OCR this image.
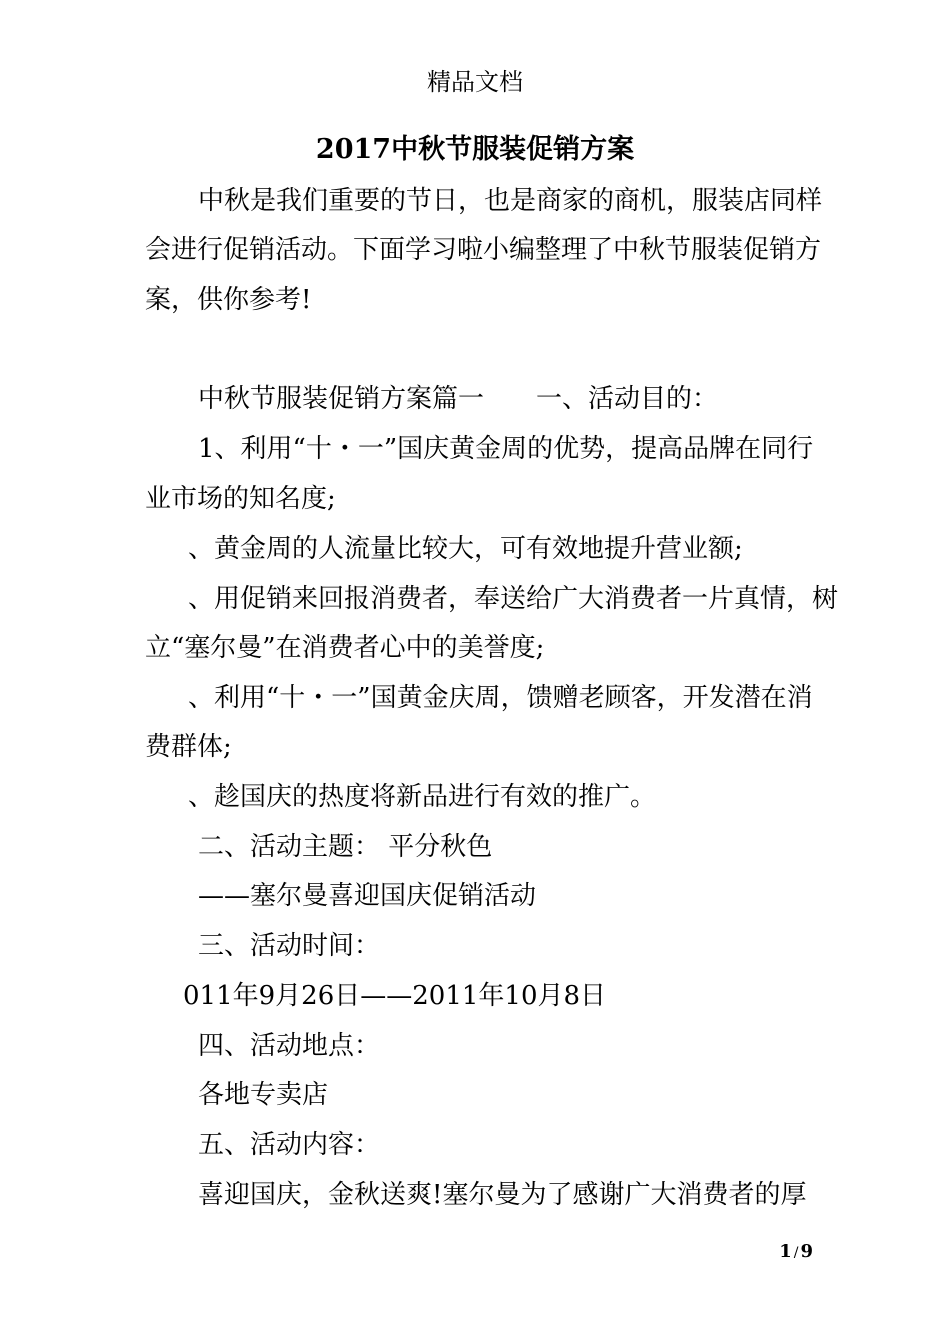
精品文档
2017中秋节服装促销方案
中秋是我们重要的节日，也是商家的商机，服装店同样
会进行促销活动。下面学习啦小编整理了中秋节服装促销方
案，供你参考!
中秋节服装促销方案篇一 一、活动目的：
1、利用“十・一”国庆黄金周的优势，提高品牌在同行
业市场的知名度;
、黄金周的人流量比较大，可有效地提升营业额;
、用促销来回报消费者，奉送给广大消费者一片真情，树
立“塞尔曼”在消费者心中的美誉度;
、利用“十・一”国黄金庆周，馈赠老顾客，开发潜在消
费群体;
、趁国庆的热度将新品进行有效的推广。
二、活动主题： 平分秋色
——塞尔曼喜迎国庆促销活动
三、活动时间：
011年9月26日——2011年10月8日
四、活动地点：
各地专卖店
五、活动内容：
喜迎国庆，金秋送爽!塞尔曼为了感谢广大消费者的厚
1 / 9
